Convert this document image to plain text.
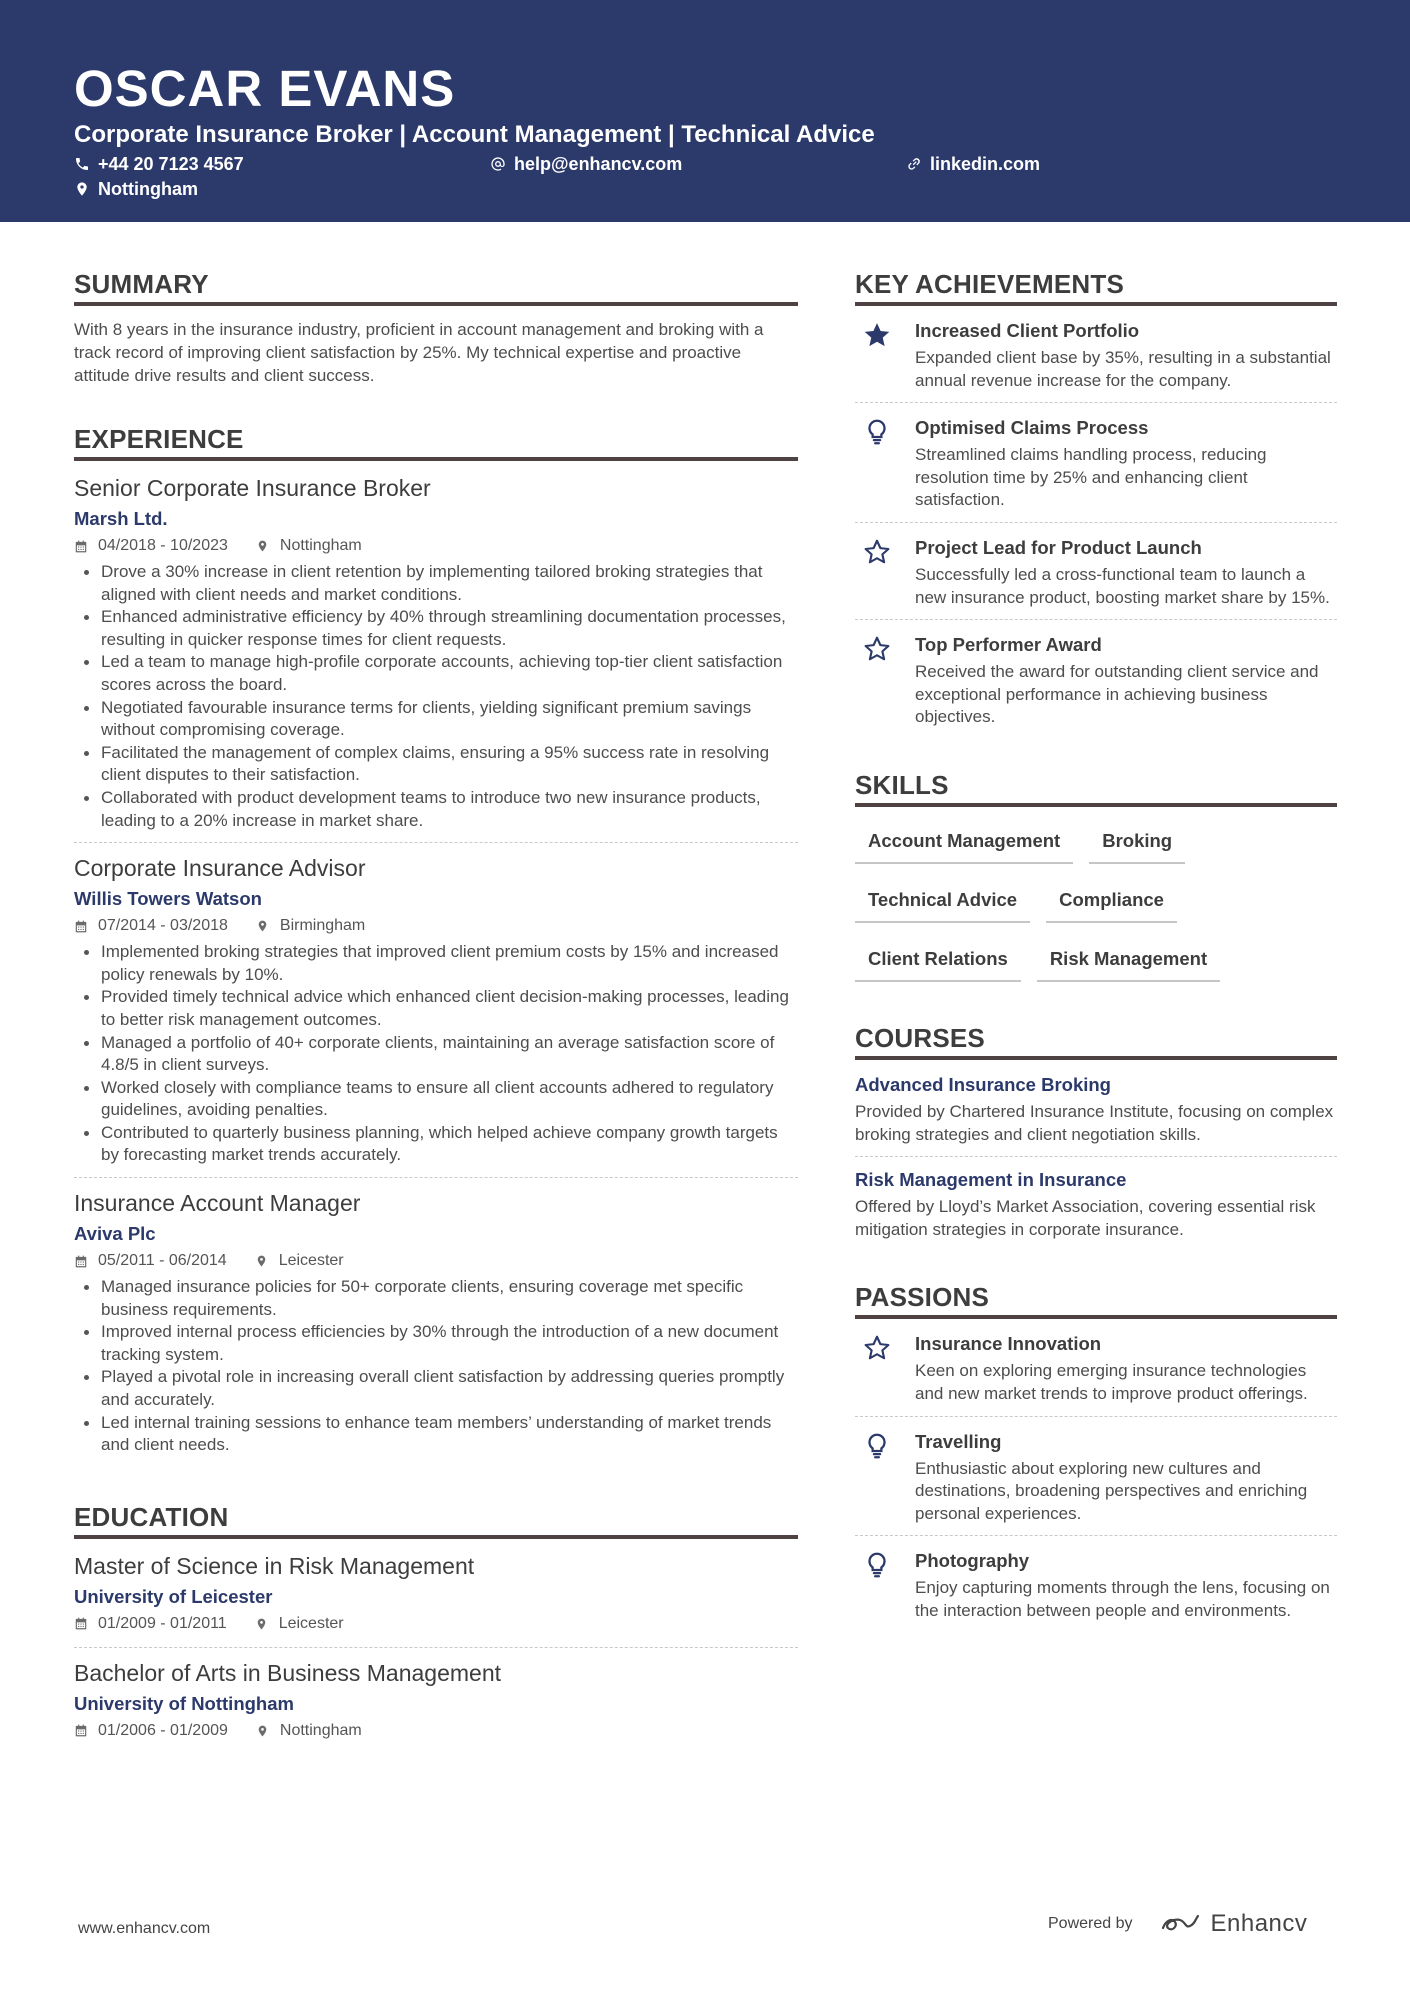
OSCAR EVANS
Corporate Insurance Broker | Account Management | Technical Advice
+44 20 7123 4567	help@enhancv.com	linkedin.com
Nottingham
SUMMARY
With 8 years in the insurance industry, proficient in account management and broking with a track record of improving client satisfaction by 25%. My technical expertise and proactive attitude drive results and client success.
EXPERIENCE
Senior Corporate Insurance Broker
Marsh Ltd.
04/2018 - 10/2023	Nottingham
Drove a 30% increase in client retention by implementing tailored broking strategies that aligned with client needs and market conditions.
Enhanced administrative efficiency by 40% through streamlining documentation processes, resulting in quicker response times for client requests.
Led a team to manage high-profile corporate accounts, achieving top-tier client satisfaction scores across the board.
Negotiated favourable insurance terms for clients, yielding significant premium savings without compromising coverage.
Facilitated the management of complex claims, ensuring a 95% success rate in resolving client disputes to their satisfaction.
Collaborated with product development teams to introduce two new insurance products, leading to a 20% increase in market share.
Corporate Insurance Advisor
Willis Towers Watson
07/2014 - 03/2018	Birmingham
Implemented broking strategies that improved client premium costs by 15% and increased policy renewals by 10%.
Provided timely technical advice which enhanced client decision-making processes, leading to better risk management outcomes.
Managed a portfolio of 40+ corporate clients, maintaining an average satisfaction score of 4.8/5 in client surveys.
Worked closely with compliance teams to ensure all client accounts adhered to regulatory guidelines, avoiding penalties.
Contributed to quarterly business planning, which helped achieve company growth targets by forecasting market trends accurately.
Insurance Account Manager
Aviva Plc
05/2011 - 06/2014	Leicester
Managed insurance policies for 50+ corporate clients, ensuring coverage met specific business requirements.
Improved internal process efficiencies by 30% through the introduction of a new document tracking system.
Played a pivotal role in increasing overall client satisfaction by addressing queries promptly and accurately.
Led internal training sessions to enhance team members’ understanding of market trends and client needs.
EDUCATION
Master of Science in Risk Management
University of Leicester
01/2009 - 01/2011	Leicester
Bachelor of Arts in Business Management
University of Nottingham
01/2006 - 01/2009	Nottingham
KEY ACHIEVEMENTS
Increased Client Portfolio
Expanded client base by 35%, resulting in a substantial annual revenue increase for the company.
Optimised Claims Process
Streamlined claims handling process, reducing resolution time by 25% and enhancing client satisfaction.
Project Lead for Product Launch
Successfully led a cross-functional team to launch a new insurance product, boosting market share by 15%.
Top Performer Award
Received the award for outstanding client service and exceptional performance in achieving business objectives.
SKILLS
Account Management	Broking
Technical Advice	Compliance
Client Relations	Risk Management
COURSES
Advanced Insurance Broking
Provided by Chartered Insurance Institute, focusing on complex broking strategies and client negotiation skills.
Risk Management in Insurance
Offered by Lloyd’s Market Association, covering essential risk mitigation strategies in corporate insurance.
PASSIONS
Insurance Innovation
Keen on exploring emerging insurance technologies and new market trends to improve product offerings.
Travelling
Enthusiastic about exploring new cultures and destinations, broadening perspectives and enriching personal experiences.
Photography
Enjoy capturing moments through the lens, focusing on the interaction between people and environments.
www.enhancv.com	Powered by	Enhancv
